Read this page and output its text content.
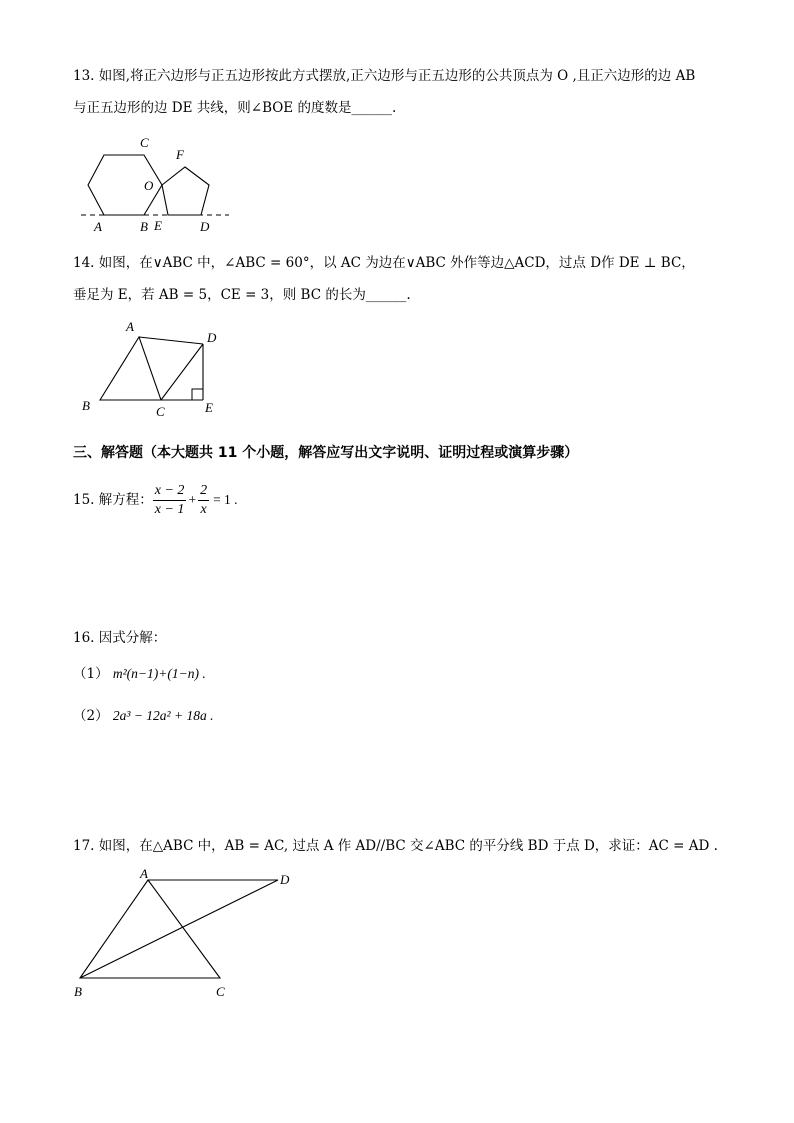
13. 如图,将正六边形与正五边形按此方式摆放,正六边形与正五边形的公共顶点为 O ,且正六边形的边 AB
与正五边形的边 DE 共线，则∠BOE 的度数是______.
C
O
F
A	B E	D
14. 如图，在∨ABC 中，∠ABC = 60°，以 AC 为边在∨ABC 外作等边△ACD，过点 D作 DE ⊥ BC，
垂足为 E，若 AB = 5，CE = 3，则 BC 的长为______.
A
D
B	C	E
三、解答题（本大题共 11 个小题，解答应写出文字说明、证明过程或演算步骤）
15. 解方程： $\frac{x - 2}{x - 1} + \frac{2}{x} = 1$ .
16. 因式分解：
（1） m²(n−1)+(1−n) .
（2） 2a³ − 12a² + 18a .
17. 如图，在△ABC 中，AB = AC, 过点 A 作 AD//BC 交∠ABC 的平分线 BD 于点 D，求证：AC = AD .
A	D
B	C
